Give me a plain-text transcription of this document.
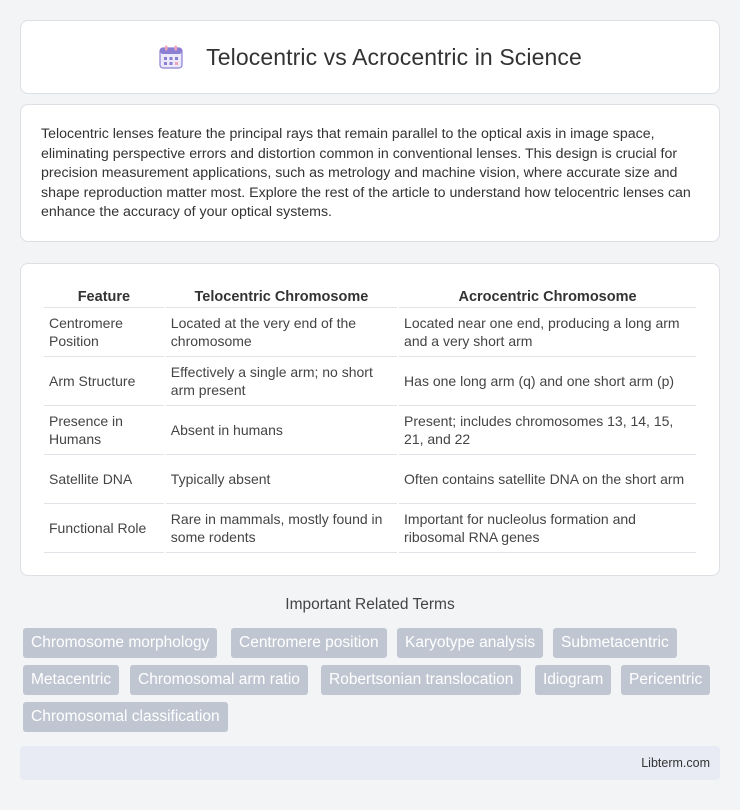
Telocentric vs Acrocentric in Science

Telocentric lenses feature the principal rays that remain parallel to the optical axis in image space, eliminating perspective errors and distortion common in conventional lenses. This design is crucial for precision measurement applications, such as metrology and machine vision, where accurate size and shape reproduction matter most. Explore the rest of the article to understand how telocentric lenses can enhance the accuracy of your optical systems.

Feature	Telocentric Chromosome	Acrocentric Chromosome
Centromere Position	Located at the very end of the chromosome	Located near one end, producing a long arm and a very short arm
Arm Structure	Effectively a single arm; no short arm present	Has one long arm (q) and one short arm (p)
Presence in Humans	Absent in humans	Present; includes chromosomes 13, 14, 15, 21, and 22
Satellite DNA	Typically absent	Often contains satellite DNA on the short arm
Functional Role	Rare in mammals, mostly found in some rodents	Important for nucleolus formation and ribosomal RNA genes
Important Related Terms
Chromosome morphology	Centromere position	Karyotype analysis	Submetacentric
Metacentric	Chromosomal arm ratio	Robertsonian translocation	Idiogram	Pericentric
Chromosomal classification
Libterm.com
